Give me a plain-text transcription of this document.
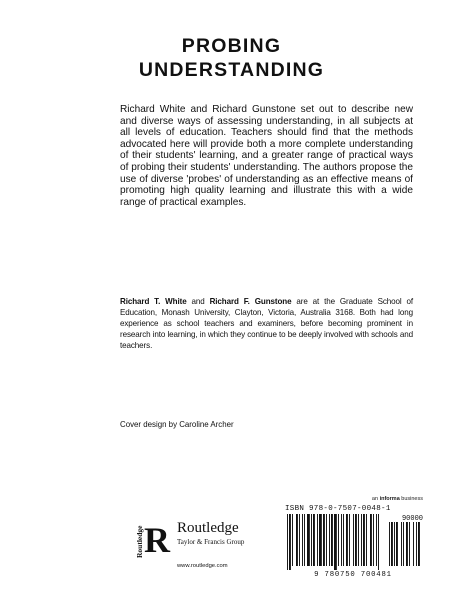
PROBING
UNDERSTANDING

Richard White and Richard Gunstone set out to describe new and diverse ways of assessing understanding, in all subjects at all levels of education. Teachers should find that the methods advocated here will provide both a more complete understanding of their students' learning, and a greater range of practical ways of probing their students' understanding. The authors propose the use of diverse 'probes' of understanding as an effective means of promoting high quality learning and illustrate this with a wide range of practical examples.

Richard T. White and Richard F. Gunstone are at the Graduate School of Education, Monash University, Clayton, Victoria, Australia 3168. Both had long experience as school teachers and examiners, before becoming prominent in research into learning, in which they continue to be deeply involved with schools and teachers.

Cover design by Caroline Archer

Routledge R Routledge
Taylor & Francis Group
www.routledge.com
an informa business
ISBN 978-0-7507-0048-1
90000
9 780750 700481
